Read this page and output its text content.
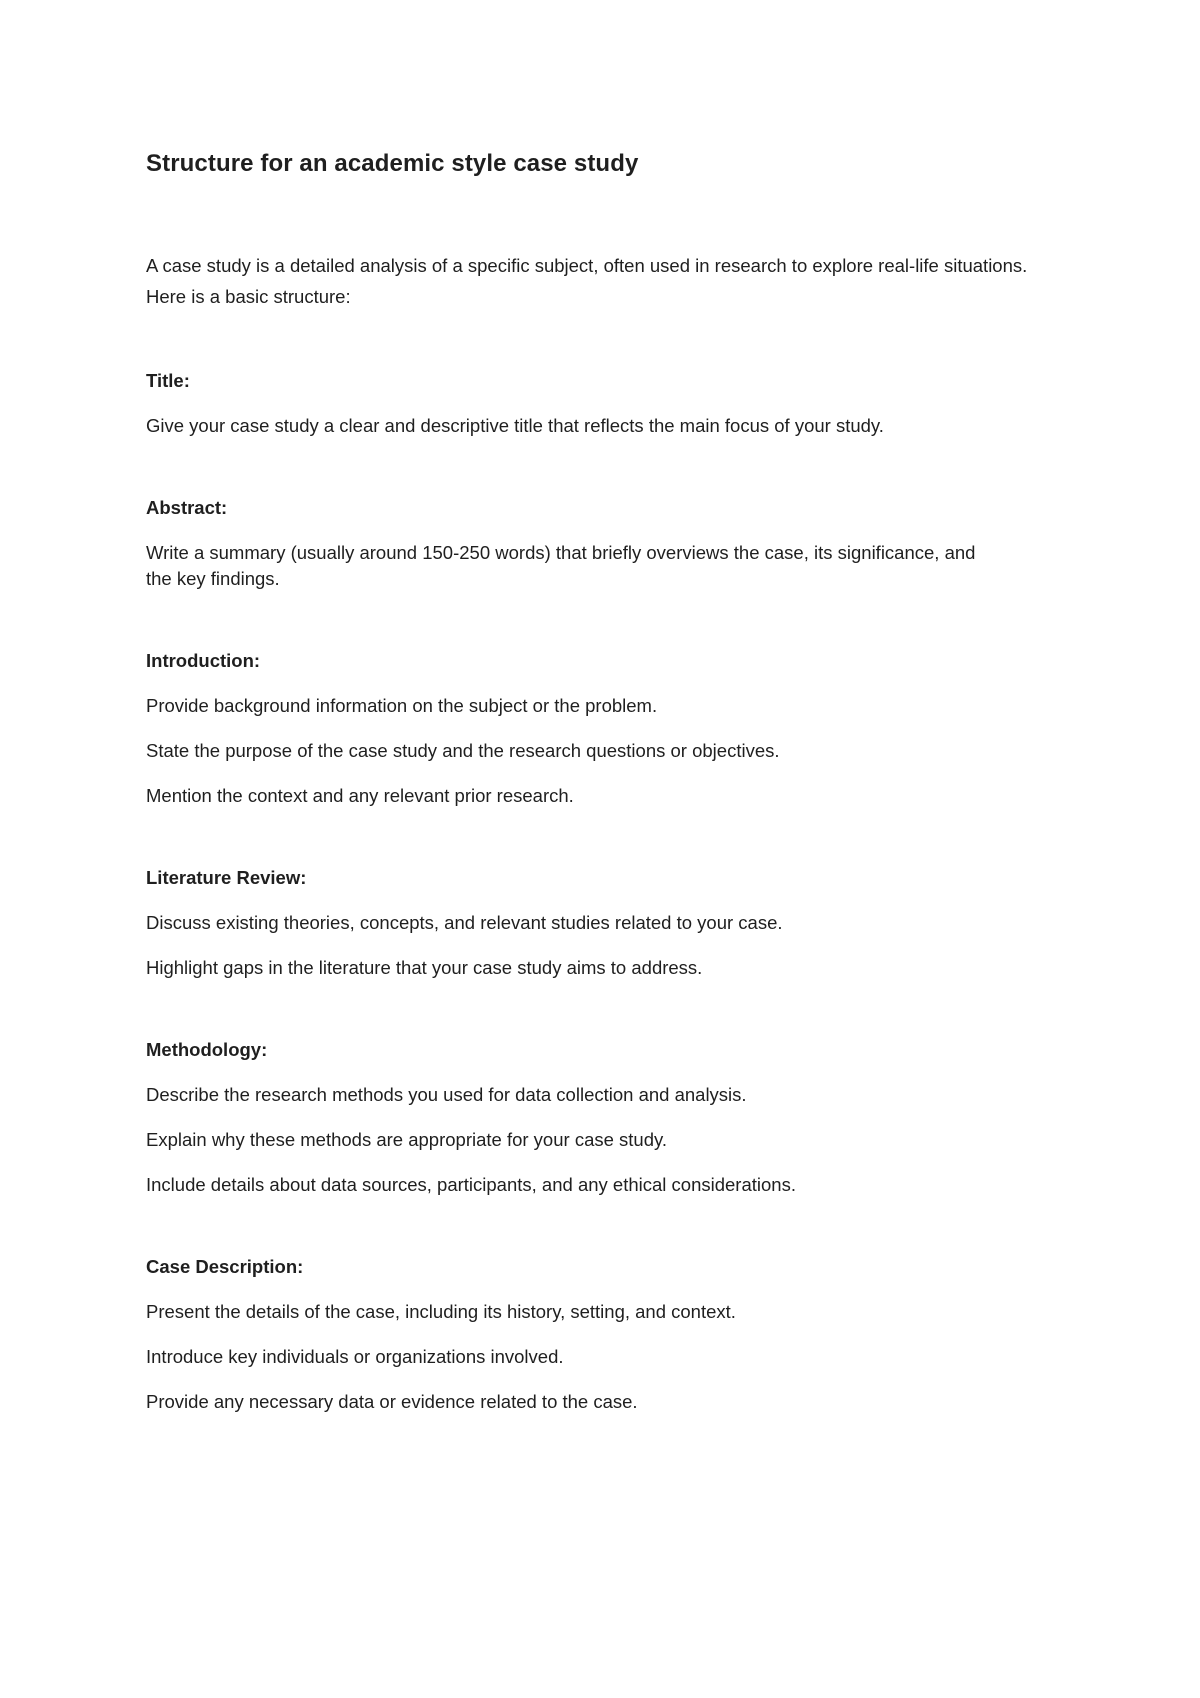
Structure for an academic style case study

A case study is a detailed analysis of a specific subject, often used in research to explore real-life situations. Here is a basic structure:

Title:

Give your case study a clear and descriptive title that reflects the main focus of your study.

Abstract:

Write a summary (usually around 150-250 words) that briefly overviews the case, its significance, and the key findings.

Introduction:

Provide background information on the subject or the problem.

State the purpose of the case study and the research questions or objectives.

Mention the context and any relevant prior research.

Literature Review:

Discuss existing theories, concepts, and relevant studies related to your case.

Highlight gaps in the literature that your case study aims to address.

Methodology:

Describe the research methods you used for data collection and analysis.

Explain why these methods are appropriate for your case study.

Include details about data sources, participants, and any ethical considerations.

Case Description:

Present the details of the case, including its history, setting, and context.

Introduce key individuals or organizations involved.

Provide any necessary data or evidence related to the case.
